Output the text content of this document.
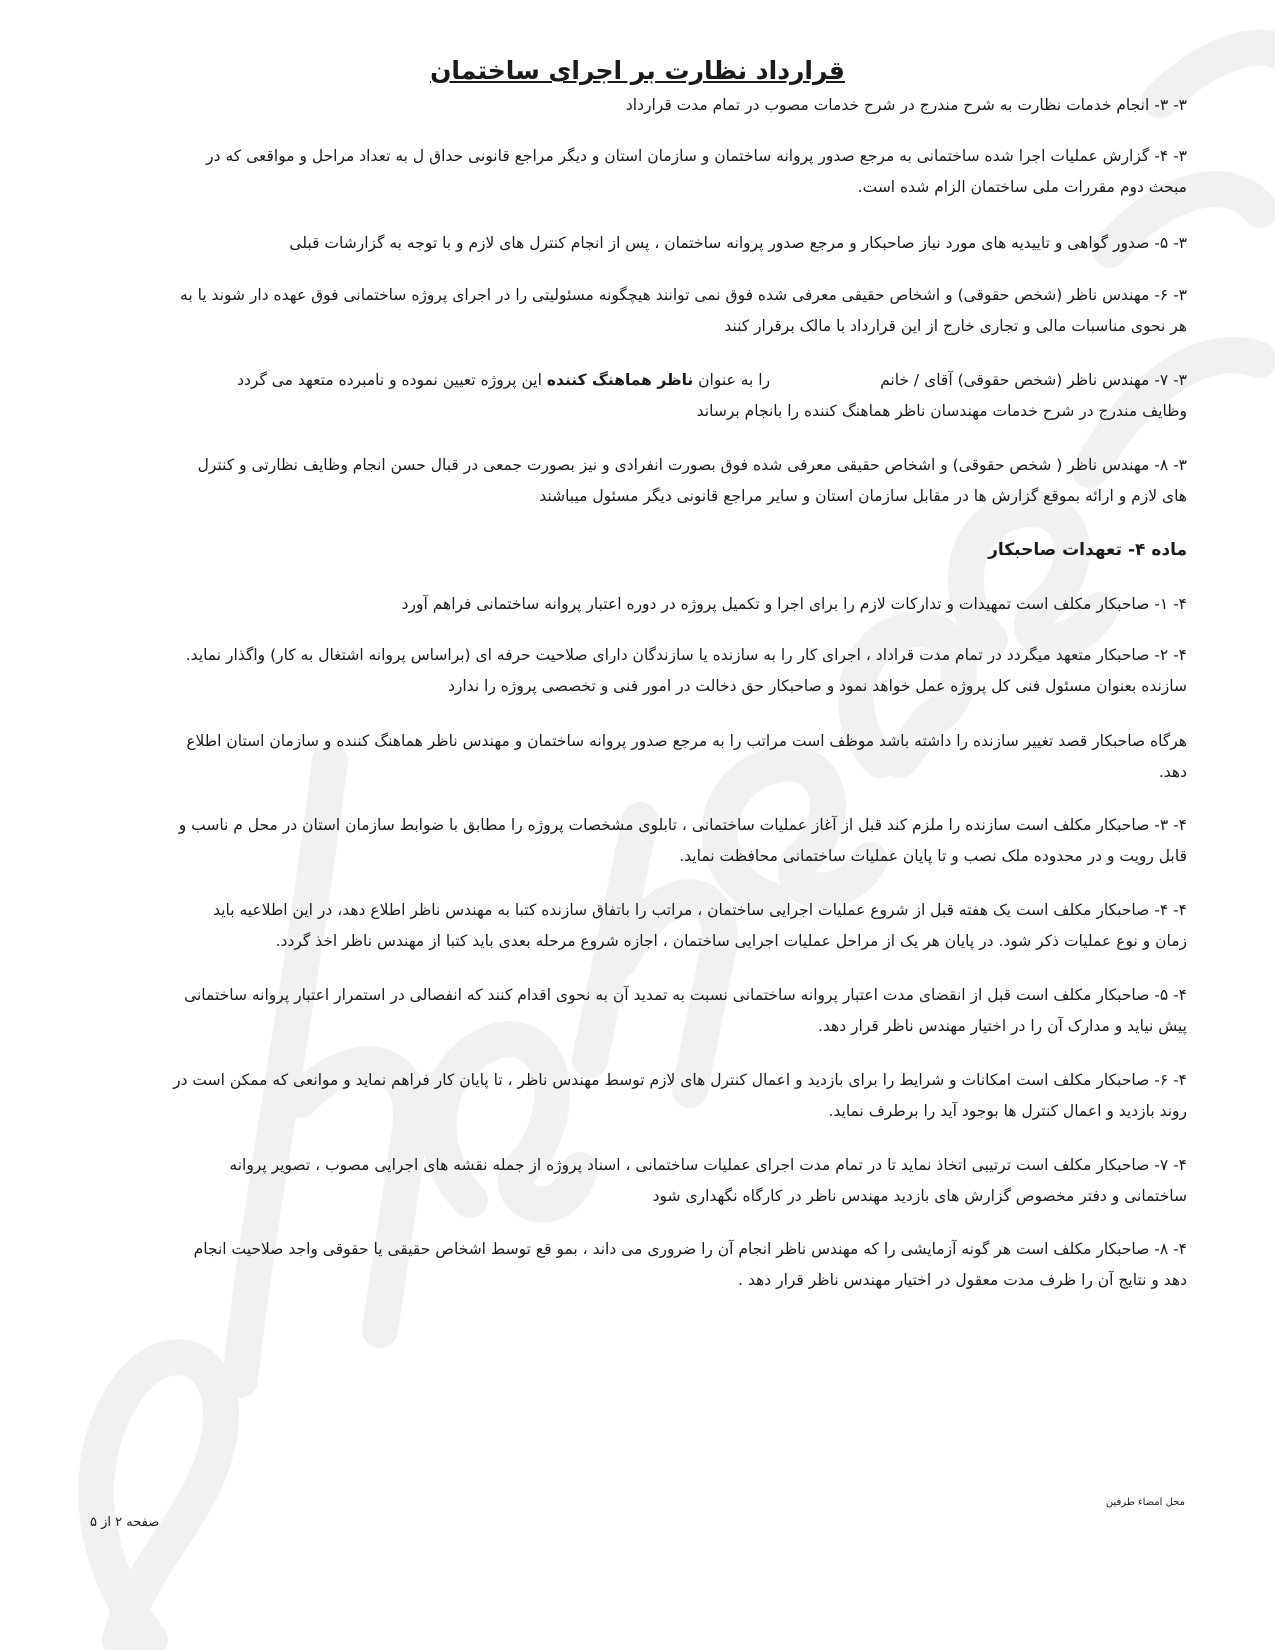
قرارداد نظارت بر اجرای ساختمان
۳- ۳- انجام خدمات نظارت به شرح مندرج در شرح خدمات مصوب در تمام مدت قرارداد
۳- ۴- گزارش عملیات اجرا شده ساختمانی به مرجع صدور پروانه ساختمان و سازمان استان و دیگر مراجع قانونی حداق ل به تعداد مراحل و مواقعی که در
مبحث دوم مقررات ملی ساختمان الزام شده است.
۳- ۵- صدور گواهی و تاییدیه های مورد نیاز صاحبکار و مرجع صدور پروانه ساختمان ، پس از انجام کنترل های لازم و با توجه به گزارشات قبلی
۳- ۶- مهندس ناظر (شخص حقوقی) و اشخاص حقیقی معرفی شده فوق نمی توانند هیچگونه مسئولیتی را در اجرای پروژه ساختمانی فوق عهده دار شوند یا به
هر نحوی مناسبات مالی و تجاری خارج از این قرارداد با مالک برقرار کنند
۳- ۷- مهندس ناظر (شخص حقوقی) آقای / خانمرا به عنوان ناظر هماهنگ کننده این پروژه تعیین نموده و نامبرده متعهد می گردد
وظایف مندرج در شرح خدمات مهندسان ناظر هماهنگ کننده را بانجام برساند
۳- ۸- مهندس ناظر ( شخص حقوقی) و اشخاص حقیقی معرفی شده فوق بصورت انفرادی و نیز بصورت جمعی در قبال حسن انجام وظایف نظارتی و کنترل
های لازم و ارائه بموقع گزارش ها در مقابل سازمان استان و سایر مراجع قانونی دیگر مسئول میباشند
ماده ۴- تعهدات صاحبکار
۴- ۱- صاحبکار مکلف است تمهیدات و تدارکات لازم را برای اجرا و تکمیل پروژه در دوره اعتبار پروانه ساختمانی فراهم آورد
۴- ۲- صاحبکار متعهد میگردد در تمام مدت قراداد ، اجرای کار را به سازنده یا سازندگان دارای صلاحیت حرفه ای (براساس پروانه اشتغال به کار) واگذار نماید.
سازنده بعنوان مسئول فنی کل پروژه عمل خواهد نمود و صاحبکار حق دخالت در امور فنی و تخصصی پروژه را ندارد
هرگاه صاحبکار قصد تغییر سازنده را داشته باشد موظف است مراتب را به مرجع صدور پروانه ساختمان و مهندس ناظر هماهنگ کننده و سازمان استان اطلاع
دهد.
۴- ۳- صاحبکار مکلف است سازنده را ملزم کند قبل از آغاز عملیات ساختمانی ، تابلوی مشخصات پروژه را مطابق با ضوابط سازمان استان در محل م ناسب و
قابل رویت و در محدوده ملک نصب و تا پایان عملیات ساختمانی محافظت نماید.
۴- ۴- صاحبکار مکلف است یک هفته قبل از شروع عملیات اجرایی ساختمان ، مراتب را باتفاق سازنده کتبا به مهندس ناظر اطلاع دهد، در این اطلاعیه باید
زمان و نوع عملیات ذکر شود. در پایان هر یک از مراحل عملیات اجرایی ساختمان ، اجازه شروع مرحله بعدی باید کتبا از مهندس ناظر اخذ گردد.
۴- ۵- صاحبکار مکلف است قبل از انقضای مدت اعتبار پروانه ساختمانی نسبت به تمدید آن به نحوی اقدام کنند که انفصالی در استمرار اعتبار پروانه ساختمانی
پیش نیاید و مدارک آن را در اختیار مهندس ناظر قرار دهد.
۴- ۶- صاحبکار مکلف است امکانات و شرایط را برای بازدید و اعمال کنترل های لازم توسط مهندس ناظر ، تا پایان کار فراهم نماید و موانعی که ممکن است در
روند بازدید و اعمال کنترل ها بوجود آید را برطرف نماید.
۴- ۷- صاحبکار مکلف است ترتیبی اتخاذ نماید تا در تمام مدت اجرای عملیات ساختمانی ، اسناد پروژه از جمله نقشه های اجرایی مصوب ، تصویر پروانه
ساختمانی و دفتر مخصوص گزارش های بازدید مهندس ناظر در کارگاه نگهداری شود
۴- ۸- صاحبکار مکلف است هر گونه آزمایشی را که مهندس ناظر انجام آن را ضروری می داند ، بمو قع توسط اشخاص حقیقی یا حقوقی واجد صلاحیت انجام
دهد و نتایج آن را ظرف مدت معقول در اختیار مهندس ناظر قرار دهد .
محل امضاء طرفین
صفحه ۲ از ۵
